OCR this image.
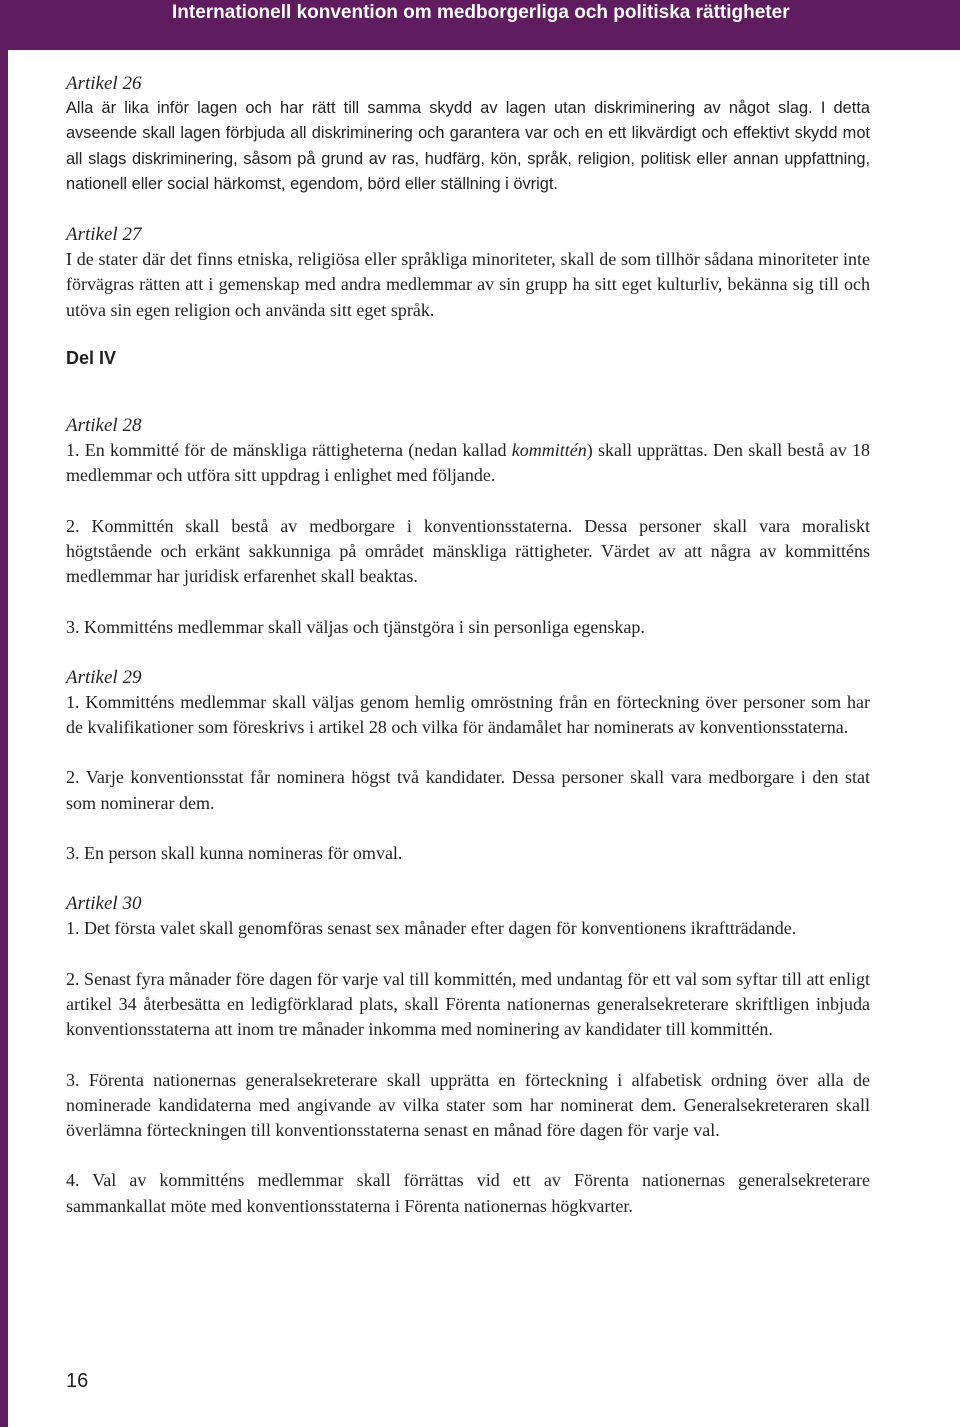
Internationell konvention om medborgerliga och politiska rättigheter
Artikel 26

Alla är lika inför lagen och har rätt till samma skydd av lagen utan diskriminering av något slag. I detta avseende skall lagen förbjuda all diskriminering och garantera var och en ett likvärdigt och effektivt skydd mot all slags diskriminering, såsom på grund av ras, hudfärg, kön, språk, religion, politisk eller annan uppfattning, nationell eller social härkomst, egendom, börd eller ställning i övrigt.

Artikel 27

I de stater där det finns etniska, religiösa eller språkliga minoriteter, skall de som tillhör sådana minoriteter inte förvägras rätten att i gemenskap med andra medlemmar av sin grupp ha sitt eget kulturliv, bekänna sig till och utöva sin egen religion och använda sitt eget språk.

Del IV
Artikel 28

1. En kommitté för de mänskliga rättigheterna (nedan kallad kommittén) skall upprättas. Den skall bestå av 18 medlemmar och utföra sitt uppdrag i enlighet med följande.

2. Kommittén skall bestå av medborgare i konventionsstaterna. Dessa personer skall vara moraliskt högtstående och erkänt sakkunniga på området mänskliga rättigheter. Värdet av att några av kommitténs medlemmar har juridisk erfarenhet skall beaktas.

3. Kommitténs medlemmar skall väljas och tjänstgöra i sin personliga egenskap.

Artikel 29

1. Kommitténs medlemmar skall väljas genom hemlig omröstning från en förteckning över personer som har de kvalifikationer som föreskrivs i artikel 28 och vilka för ändamålet har nominerats av konventionsstaterna.

2. Varje konventionsstat får nominera högst två kandidater. Dessa personer skall vara medborgare i den stat som nominerar dem.

3. En person skall kunna nomineras för omval.

Artikel 30

1. Det första valet skall genomföras senast sex månader efter dagen för konventionens ikraftträdande.

2. Senast fyra månader före dagen för varje val till kommittén, med undantag för ett val som syftar till att enligt artikel 34 återbesätta en ledigförklarad plats, skall Förenta nationernas generalsekreterare skriftligen inbjuda konventionsstaterna att inom tre månader inkomma med nominering av kandidater till kommittén.

3. Förenta nationernas generalsekreterare skall upprätta en förteckning i alfabetisk ordning över alla de nominerade kandidaterna med angivande av vilka stater som har nominerat dem. Generalsekreteraren skall överlämna förteckningen till konventionsstaterna senast en månad före dagen för varje val.

4. Val av kommitténs medlemmar skall förrättas vid ett av Förenta nationernas generalsekreterare sammankallat möte med konventionsstaterna i Förenta nationernas högkvarter.

16
